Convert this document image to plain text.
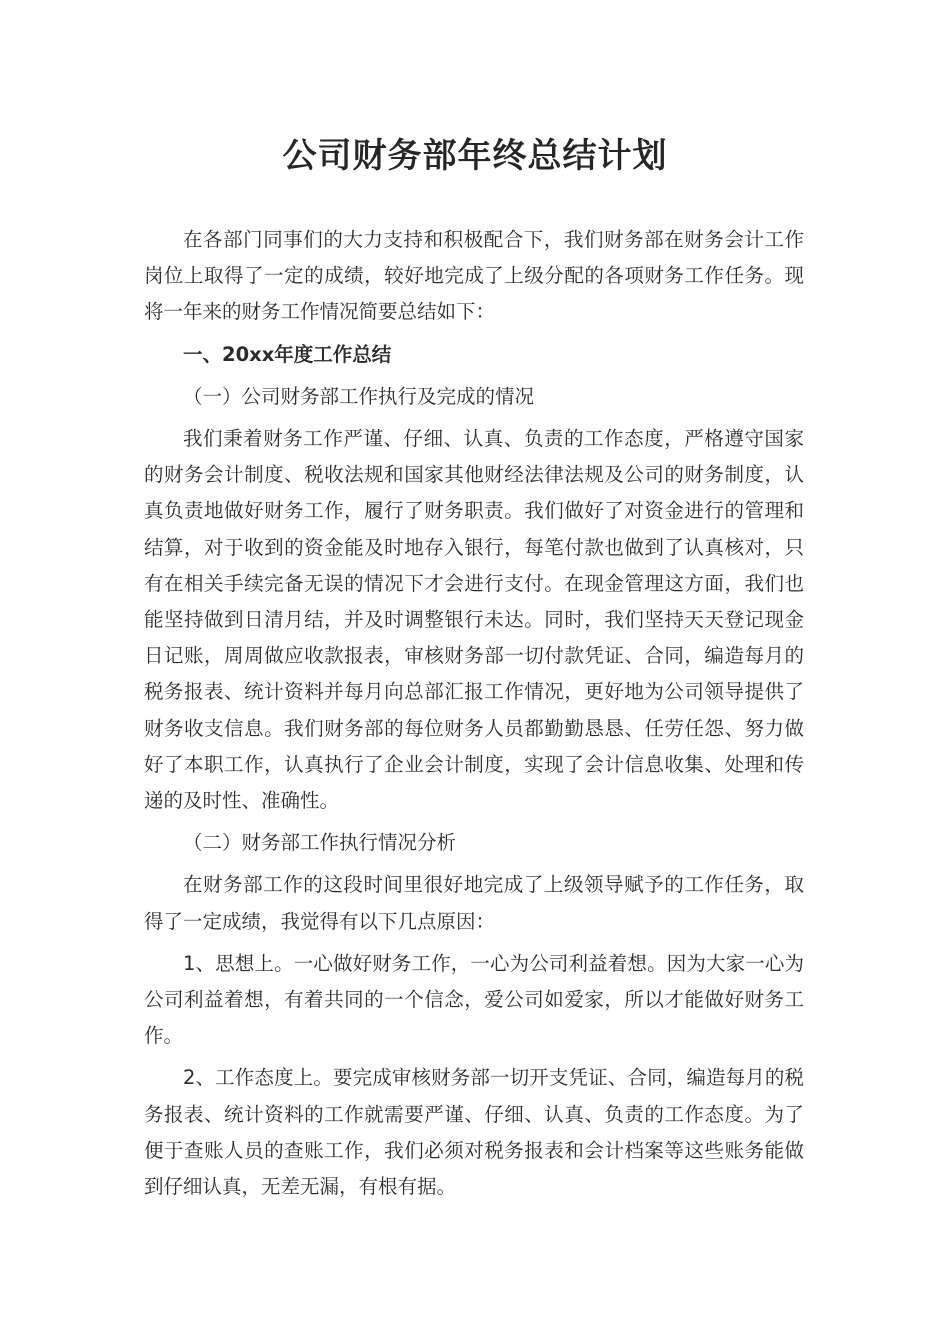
公司财务部年终总结计划

在各部门同事们的大力支持和积极配合下，我们财务部在财务会计工作岗位上取得了一定的成绩，较好地完成了上级分配的各项财务工作任务。现将一年来的财务工作情况简要总结如下：

一、20xx年度工作总结

（一）公司财务部工作执行及完成的情况

我们秉着财务工作严谨、仔细、认真、负责的工作态度，严格遵守国家的财务会计制度、税收法规和国家其他财经法律法规及公司的财务制度，认真负责地做好财务工作，履行了财务职责。我们做好了对资金进行的管理和结算，对于收到的资金能及时地存入银行，每笔付款也做到了认真核对，只有在相关手续完备无误的情况下才会进行支付。在现金管理这方面，我们也能坚持做到日清月结，并及时调整银行未达。同时，我们坚持天天登记现金日记账，周周做应收款报表，审核财务部一切付款凭证、合同，编造每月的税务报表、统计资料并每月向总部汇报工作情况，更好地为公司领导提供了财务收支信息。我们财务部的每位财务人员都勤勤恳恳、任劳任怨、努力做好了本职工作，认真执行了企业会计制度，实现了会计信息收集、处理和传递的及时性、准确性。

（二）财务部工作执行情况分析

在财务部工作的这段时间里很好地完成了上级领导赋予的工作任务，取得了一定成绩，我觉得有以下几点原因：

1、思想上。一心做好财务工作，一心为公司利益着想。因为大家一心为公司利益着想，有着共同的一个信念，爱公司如爱家，所以才能做好财务工作。

2、工作态度上。要完成审核财务部一切开支凭证、合同，编造每月的税务报表、统计资料的工作就需要严谨、仔细、认真、负责的工作态度。为了便于查账人员的查账工作，我们必须对税务报表和会计档案等这些账务能做到仔细认真，无差无漏，有根有据。
